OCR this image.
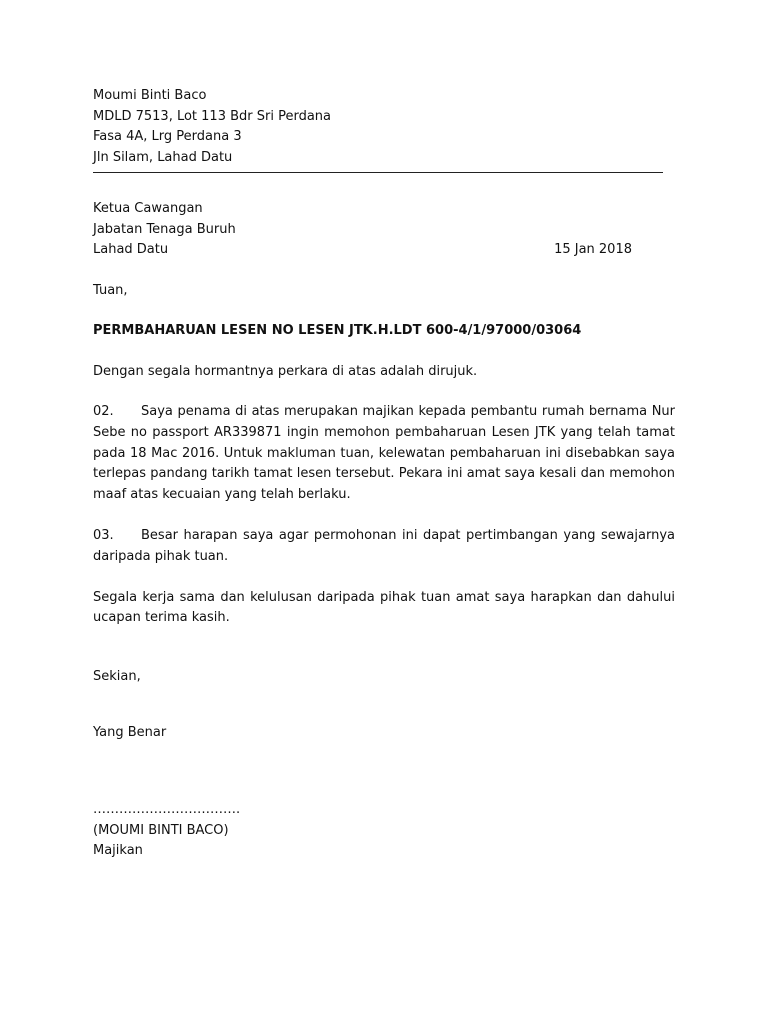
Moumi Binti Baco
MDLD 7513, Lot 113 Bdr Sri Perdana
Fasa 4A, Lrg Perdana 3
Jln Silam, Lahad Datu
Ketua Cawangan
Jabatan Tenaga Buruh
Lahad Datu	15 Jan 2018
Tuan,
PERMBAHARUAN LESEN NO LESEN JTK.H.LDT 600-4/1/97000/03064
Dengan segala hormantnya perkara di atas adalah dirujuk.
02. Saya penama di atas merupakan majikan kepada pembantu rumah bernama Nur Sebe no passport AR339871 ingin memohon pembaharuan Lesen JTK yang telah tamat pada 18 Mac 2016. Untuk makluman tuan, kelewatan pembaharuan ini disebabkan saya terlepas pandang tarikh tamat lesen tersebut. Pekara ini amat saya kesali dan memohon maaf atas kecuaian yang telah berlaku.
03. Besar harapan saya agar permohonan ini dapat pertimbangan yang sewajarnya daripada pihak tuan.
Segala kerja sama dan kelulusan daripada pihak tuan amat saya harapkan dan dahului ucapan terima kasih.
Sekian,
Yang Benar
…………………………….
(MOUMI BINTI BACO)
Majikan
